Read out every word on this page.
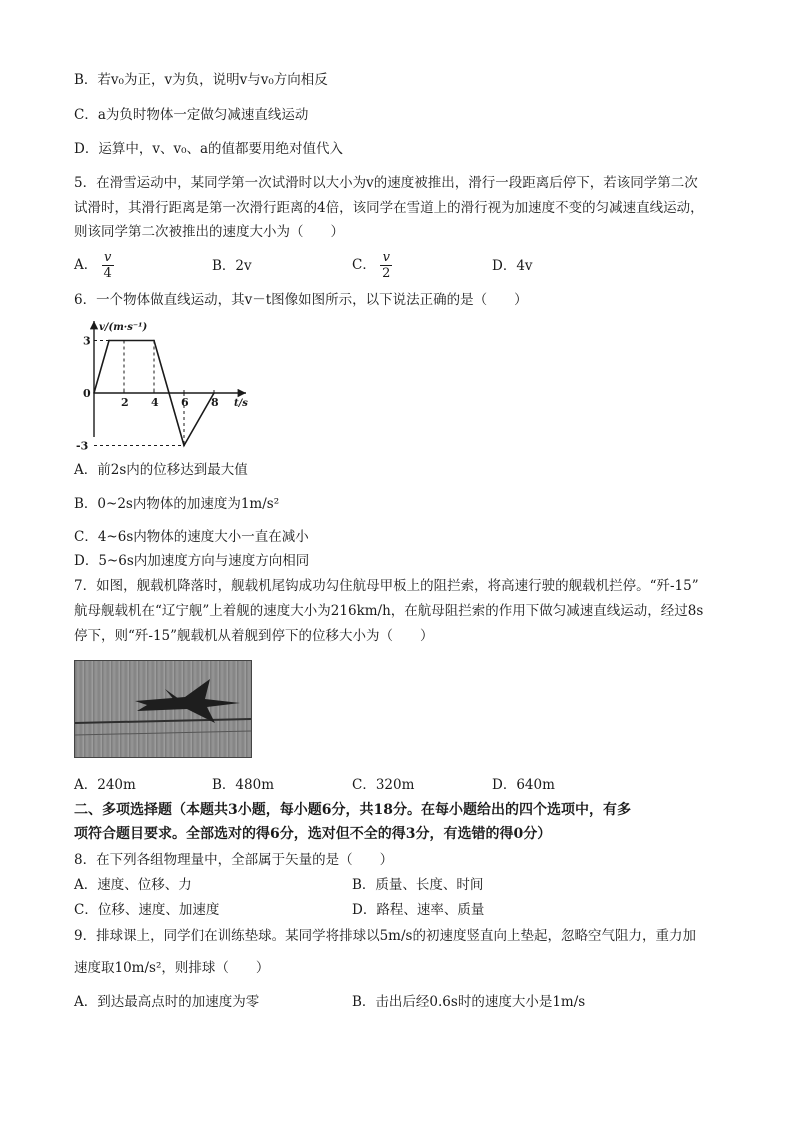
B．若v₀为正，v为负，说明v与v₀方向相反
C．a为负时物体一定做匀减速直线运动
D．运算中，v、v₀、a的值都要用绝对值代入
5．在滑雪运动中，某同学第一次试滑时以大小为v的速度被推出，滑行一段距离后停下，若该同学第二次
试滑时，其滑行距离是第一次滑行距离的4倍，该同学在雪道上的滑行视为加速度不变的匀减速直线运动，
则该同学第二次被推出的速度大小为（　　）
A． $\frac{v}{4}$	B．2v	C． $\frac{v}{2}$	D．4v
6．一个物体做直线运动，其v－t图像如图所示，以下说法正确的是（　　）
v/(m·s⁻¹)
t/s
0
3
-3
2 4 6 8
A．前2s内的位移达到最大值
B．0~2s内物体的加速度为1m/s²
C．4~6s内物体的速度大小一直在减小
D．5~6s内加速度方向与速度方向相同
7．如图，舰载机降落时，舰载机尾钩成功勾住航母甲板上的阻拦索，将高速行驶的舰载机拦停。“歼-15”
航母舰载机在“辽宁舰”上着舰的速度大小为216km/h，在航母阻拦索的作用下做匀减速直线运动，经过8s
停下，则“歼-15”舰载机从着舰到停下的位移大小为（　　）
A．240m	B．480m	C．320m	D．640m
二、多项选择题（本题共3小题，每小题6分，共18分。在每小题给出的四个选项中，有多
项符合题目要求。全部选对的得6分，选对但不全的得3分，有选错的得0分）
8．在下列各组物理量中，全部属于矢量的是（　　）
A．速度、位移、力	B．质量、长度、时间
C．位移、速度、加速度	D．路程、速率、质量
9．排球课上，同学们在训练垫球。某同学将排球以5m/s的初速度竖直向上垫起，忽略空气阻力，重力加
速度取10m/s²，则排球（　　）
A．到达最高点时的加速度为零	B．击出后经0.6s时的速度大小是1m/s
